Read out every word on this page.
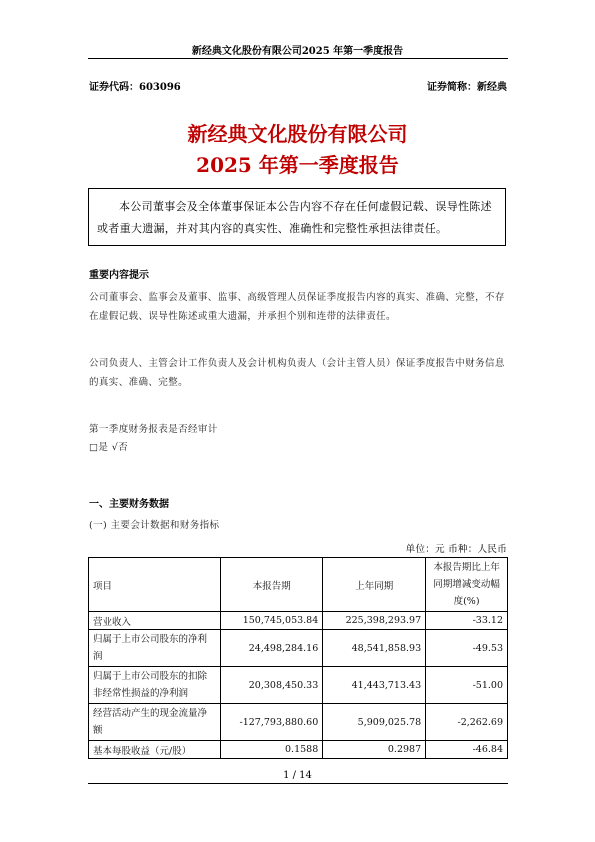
新经典文化股份有限公司2025 年第一季度报告
证券代码：603096	证券简称：新经典
新经典文化股份有限公司
2025 年第一季度报告
本公司董事会及全体董事保证本公告内容不存在任何虚假记载、误导性陈述或者重大遗漏，并对其内容的真实性、准确性和完整性承担法律责任。
重要内容提示
公司董事会、监事会及董事、监事、高级管理人员保证季度报告内容的真实、准确、完整，不存在虚假记载、误导性陈述或重大遗漏，并承担个别和连带的法律责任。
公司负责人、主管会计工作负责人及会计机构负责人（会计主管人员）保证季度报告中财务信息的真实、准确、完整。
第一季度财务报表是否经审计
□是 √否
一、主要财务数据
(一) 主要会计数据和财务指标
单位：元 币种：人民币
项目	本报告期	上年同期	本报告期比上年同期增减变动幅度(%)
营业收入	150,745,053.84	225,398,293.97	-33.12
归属于上市公司股东的净利润	24,498,284.16	48,541,858.93	-49.53
归属于上市公司股东的扣除非经常性损益的净利润	20,308,450.33	41,443,713.43	-51.00
经营活动产生的现金流量净额	-127,793,880.60	5,909,025.78	-2,262.69
基本每股收益（元/股）	0.1588	0.2987	-46.84
1 / 14
